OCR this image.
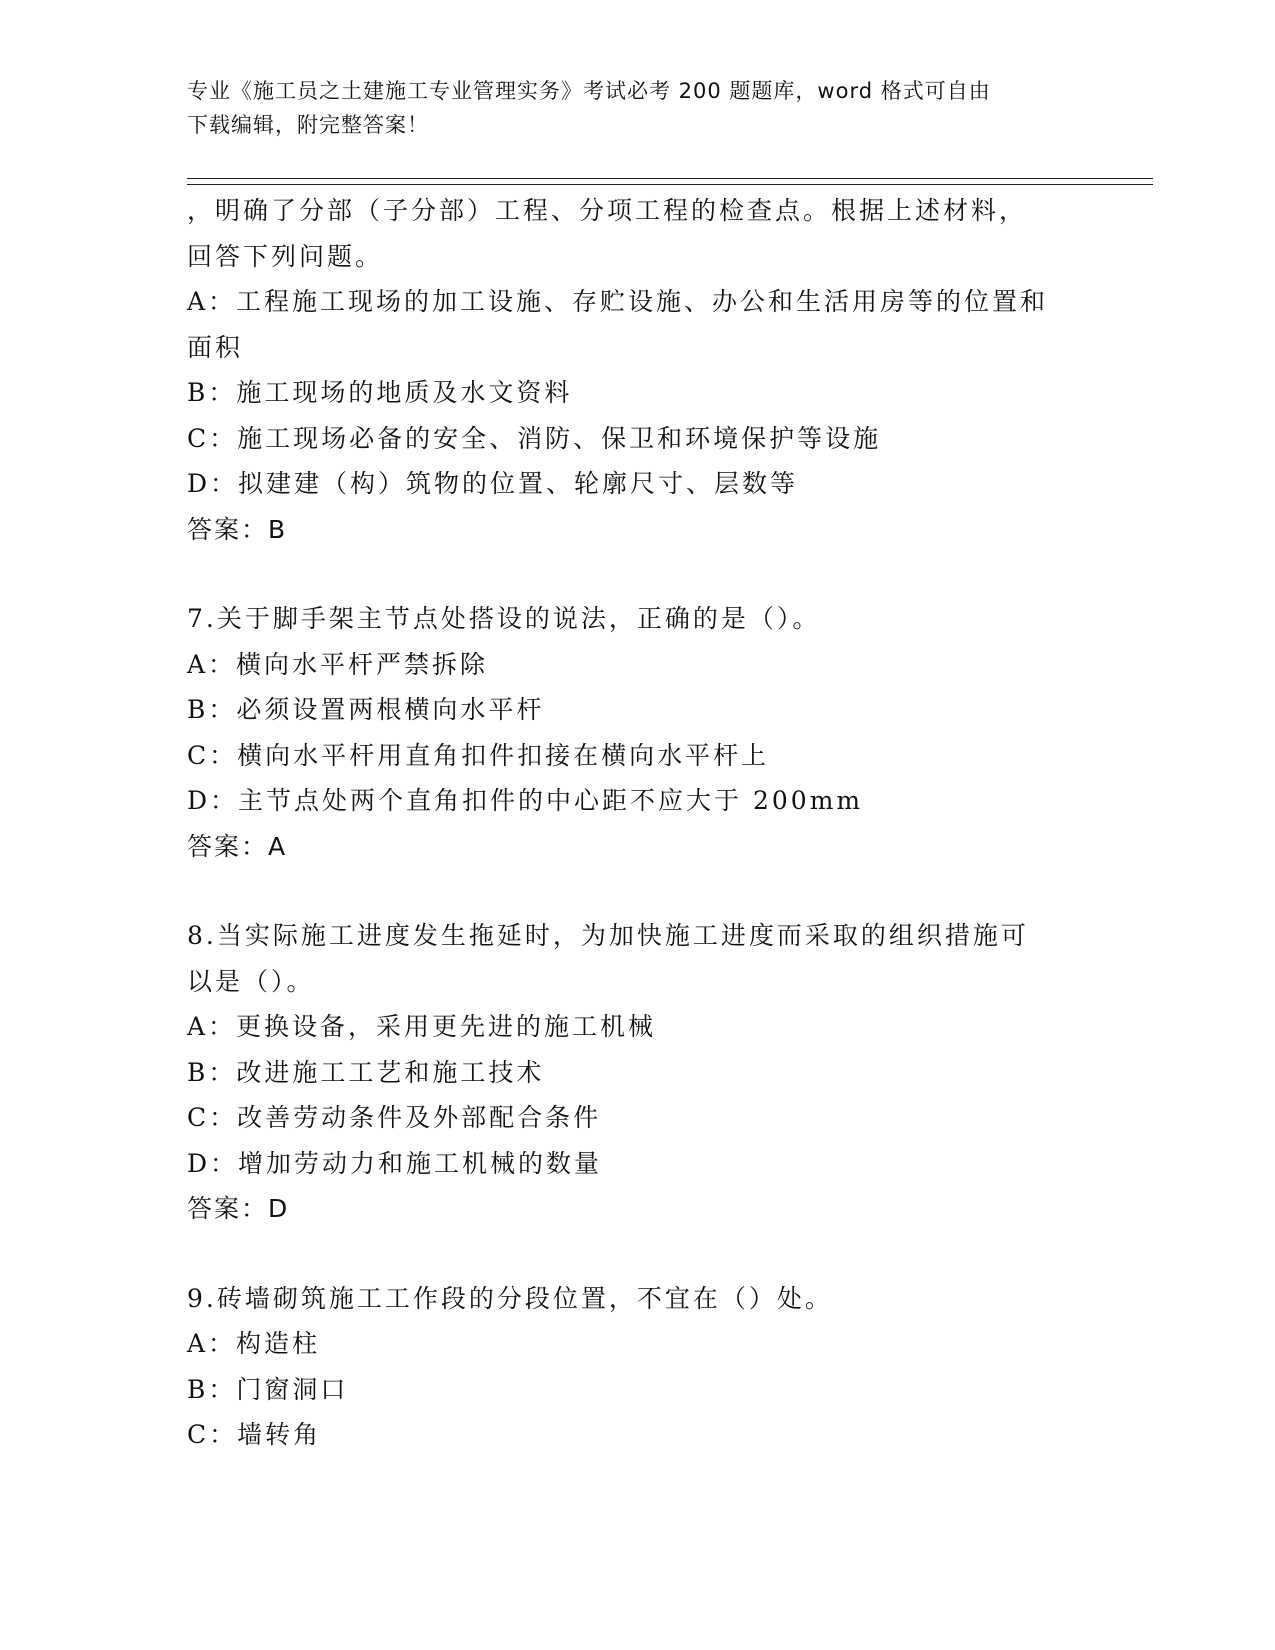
专业《施工员之土建施工专业管理实务》考试必考 200 题题库，word 格式可自由
下载编辑，附完整答案！
，明确了分部（子分部）工程、分项工程的检查点。根据上述材料，
回答下列问题。
A：工程施工现场的加工设施、存贮设施、办公和生活用房等的位置和
面积
B：施工现场的地质及水文资料
C：施工现场必备的安全、消防、保卫和环境保护等设施
D：拟建建（构）筑物的位置、轮廓尺寸、层数等
答案：B
7.关于脚手架主节点处搭设的说法，正确的是（）。
A：横向水平杆严禁拆除
B：必须设置两根横向水平杆
C：横向水平杆用直角扣件扣接在横向水平杆上
D：主节点处两个直角扣件的中心距不应大于 200mm
答案：A
8.当实际施工进度发生拖延时，为加快施工进度而采取的组织措施可
以是（）。
A：更换设备，采用更先进的施工机械
B：改进施工工艺和施工技术
C：改善劳动条件及外部配合条件
D：增加劳动力和施工机械的数量
答案：D
9.砖墙砌筑施工工作段的分段位置，不宜在（）处。
A：构造柱
B：门窗洞口
C：墙转角
